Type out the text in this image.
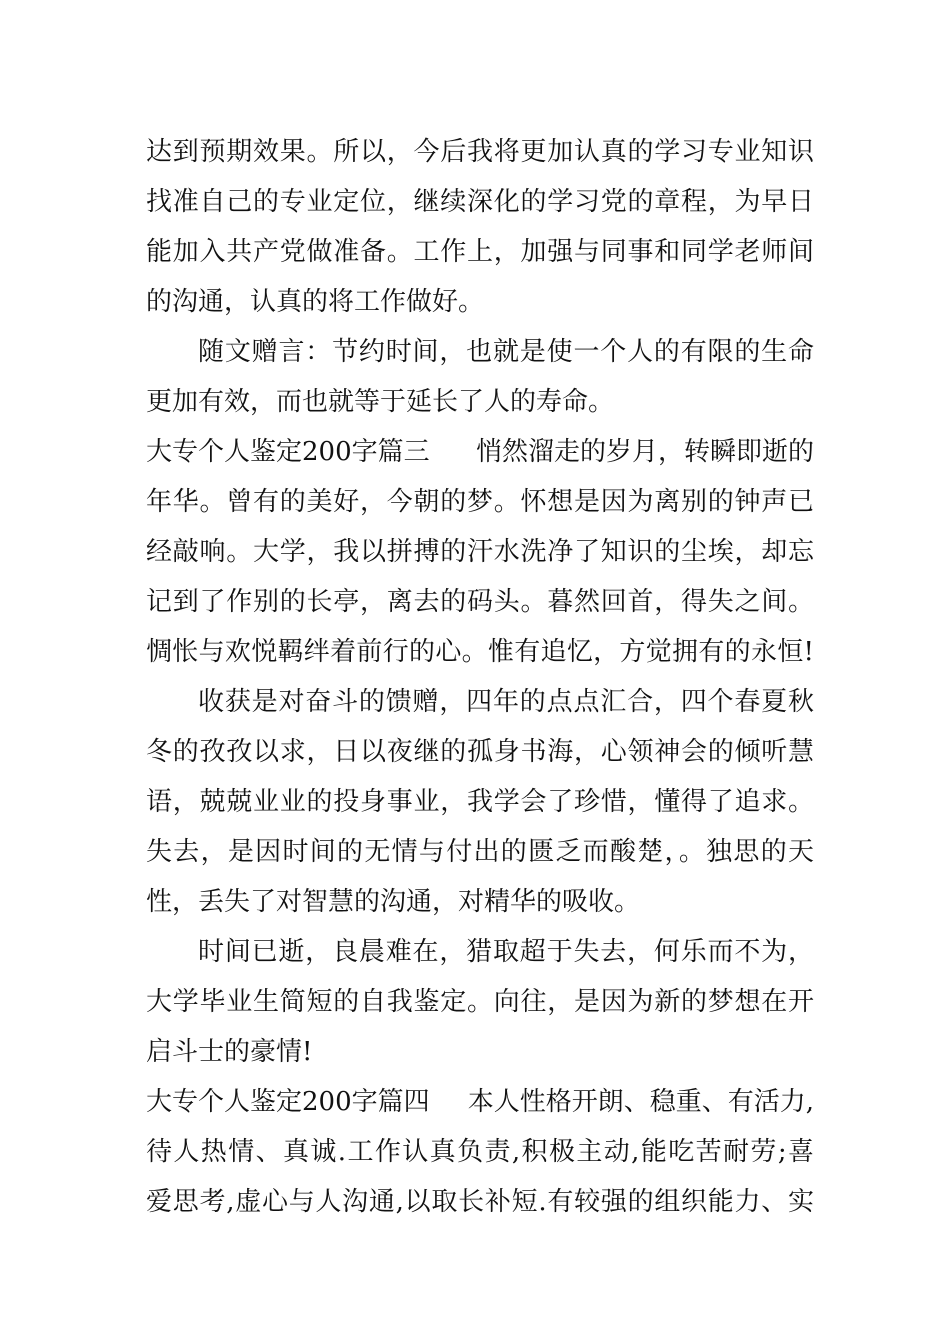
达到预期效果。所以，今后我将更加认真的学习专业知识
找准自己的专业定位，继续深化的学习党的章程，为早日
能加入共产党做准备。工作上，加强与同事和同学老师间
的沟通，认真的将工作做好。
随文赠言：节约时间，也就是使一个人的有限的生命
更加有效，而也就等于延长了人的寿命。
大专个人鉴定200字篇三 悄然溜走的岁月，转瞬即逝的
年华。曾有的美好，今朝的梦。怀想是因为离别的钟声已
经敲响。大学，我以拼搏的汗水洗净了知识的尘埃，却忘
记到了作别的长亭，离去的码头。暮然回首，得失之间。
惆怅与欢悦羁绊着前行的心。惟有追忆，方觉拥有的永恒!
收获是对奋斗的馈赠，四年的点点汇合，四个春夏秋
冬的孜孜以求，日以夜继的孤身书海，心领神会的倾听慧
语，兢兢业业的投身事业，我学会了珍惜，懂得了追求。
失去，是因时间的无情与付出的匮乏而酸楚，。独思的天
性，丢失了对智慧的沟通，对精华的吸收。
时间已逝，良晨难在，猎取超于失去，何乐而不为，
大学毕业生简短的自我鉴定。向往，是因为新的梦想在开
启斗士的豪情!
大专个人鉴定200字篇四 本人性格开朗、稳重、有活力,
待人热情、真诚.工作认真负责,积极主动,能吃苦耐劳;喜
爱思考,虚心与人沟通,以取长补短.有较强的组织能力、实
